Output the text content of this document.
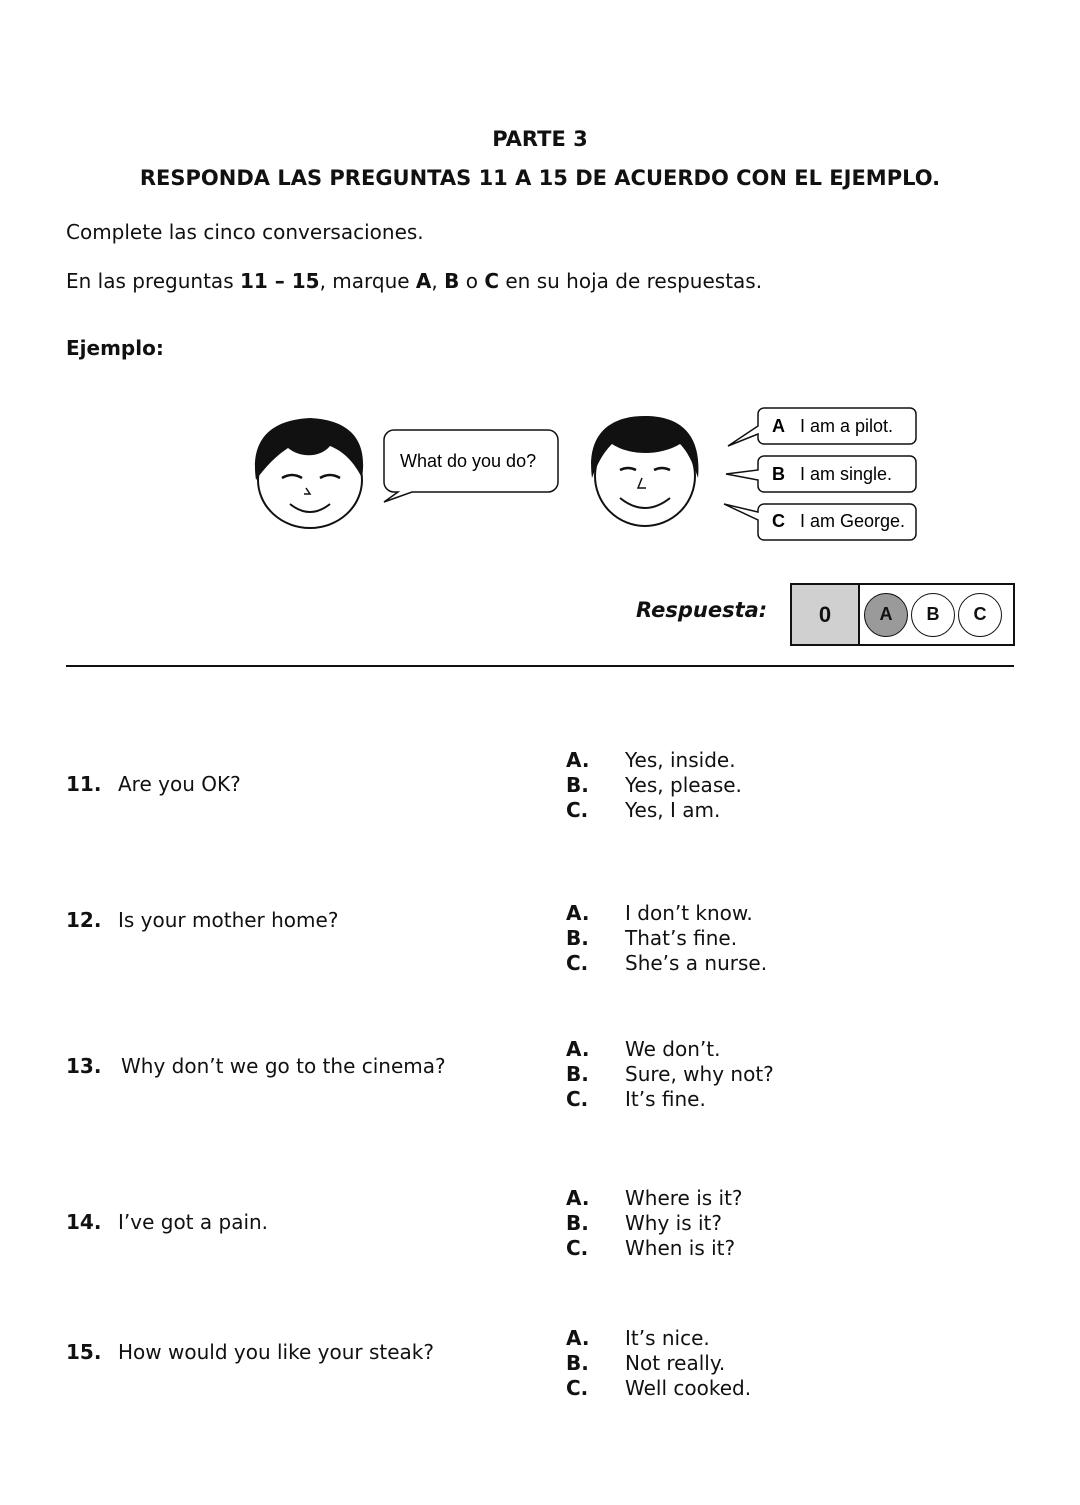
PARTE 3
RESPONDA LAS PREGUNTAS 11 A 15 DE ACUERDO CON EL EJEMPLO.
Complete las cinco conversaciones.
En las preguntas 11 – 15, marque A, B o C en su hoja de respuestas.
Ejemplo:
What do you do?
A I am a pilot.
B I am single.
C I am George.
Respuesta:	0	A	B	C
11. Are you OK?
A.	Yes, inside.
B.	Yes, please.
C.	Yes, I am.
12. Is your mother home?	A.	I don’t know.
B.	That’s fine.
C.	She’s a nurse.
13. Why don’t we go to the cinema?
A.	We don’t.
B.	Sure, why not?
C.	It’s fine.
14. I’ve got a pain.
A.	Where is it?
B.	Why is it?
C.	When is it?
15. How would you like your steak?
A.	It’s nice.
B.	Not really.
C.	Well cooked.
